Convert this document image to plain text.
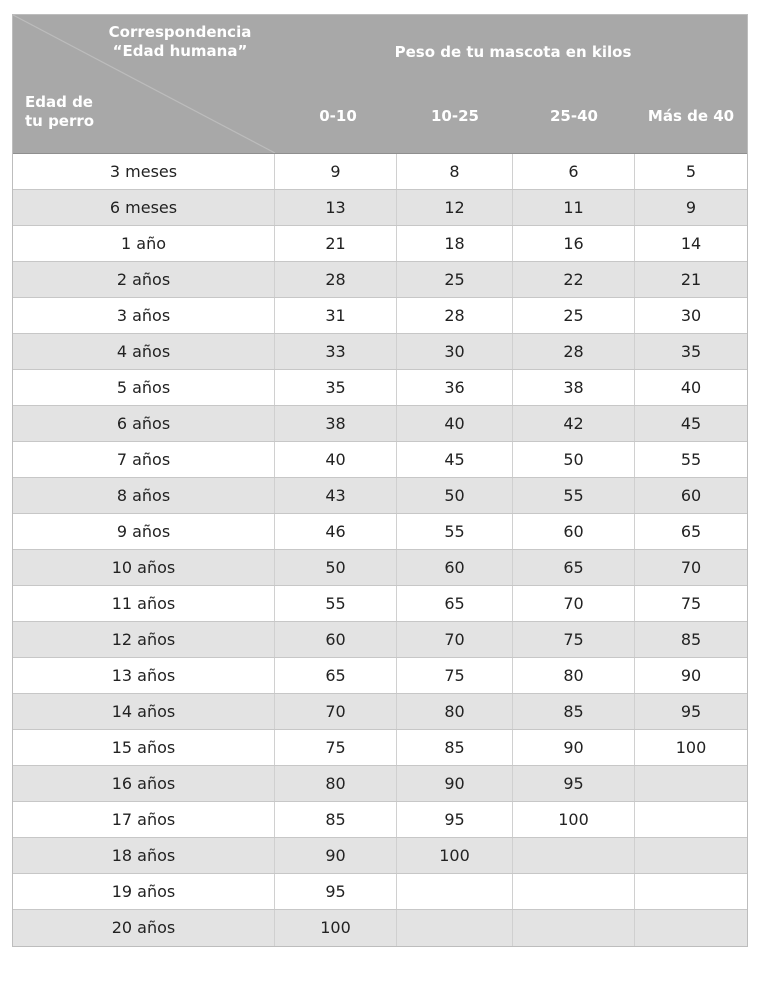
Correspondencia
“Edad humana”
Edad de
tu perro
Peso de tu mascota en kilos
0-10	10-25	25-40	Más de 40
3 meses	9	8	6	5
6 meses	13	12	11	9
1 año	21	18	16	14
2 años	28	25	22	21
3 años	31	28	25	30
4 años	33	30	28	35
5 años	35	36	38	40
6 años	38	40	42	45
7 años	40	45	50	55
8 años	43	50	55	60
9 años	46	55	60	65
10 años	50	60	65	70
11 años	55	65	70	75
12 años	60	70	75	85
13 años	65	75	80	90
14 años	70	80	85	95
15 años	75	85	90	100
16 años	80	90	95
17 años	85	95	100
18 años	90	100
19 años	95
20 años	100
